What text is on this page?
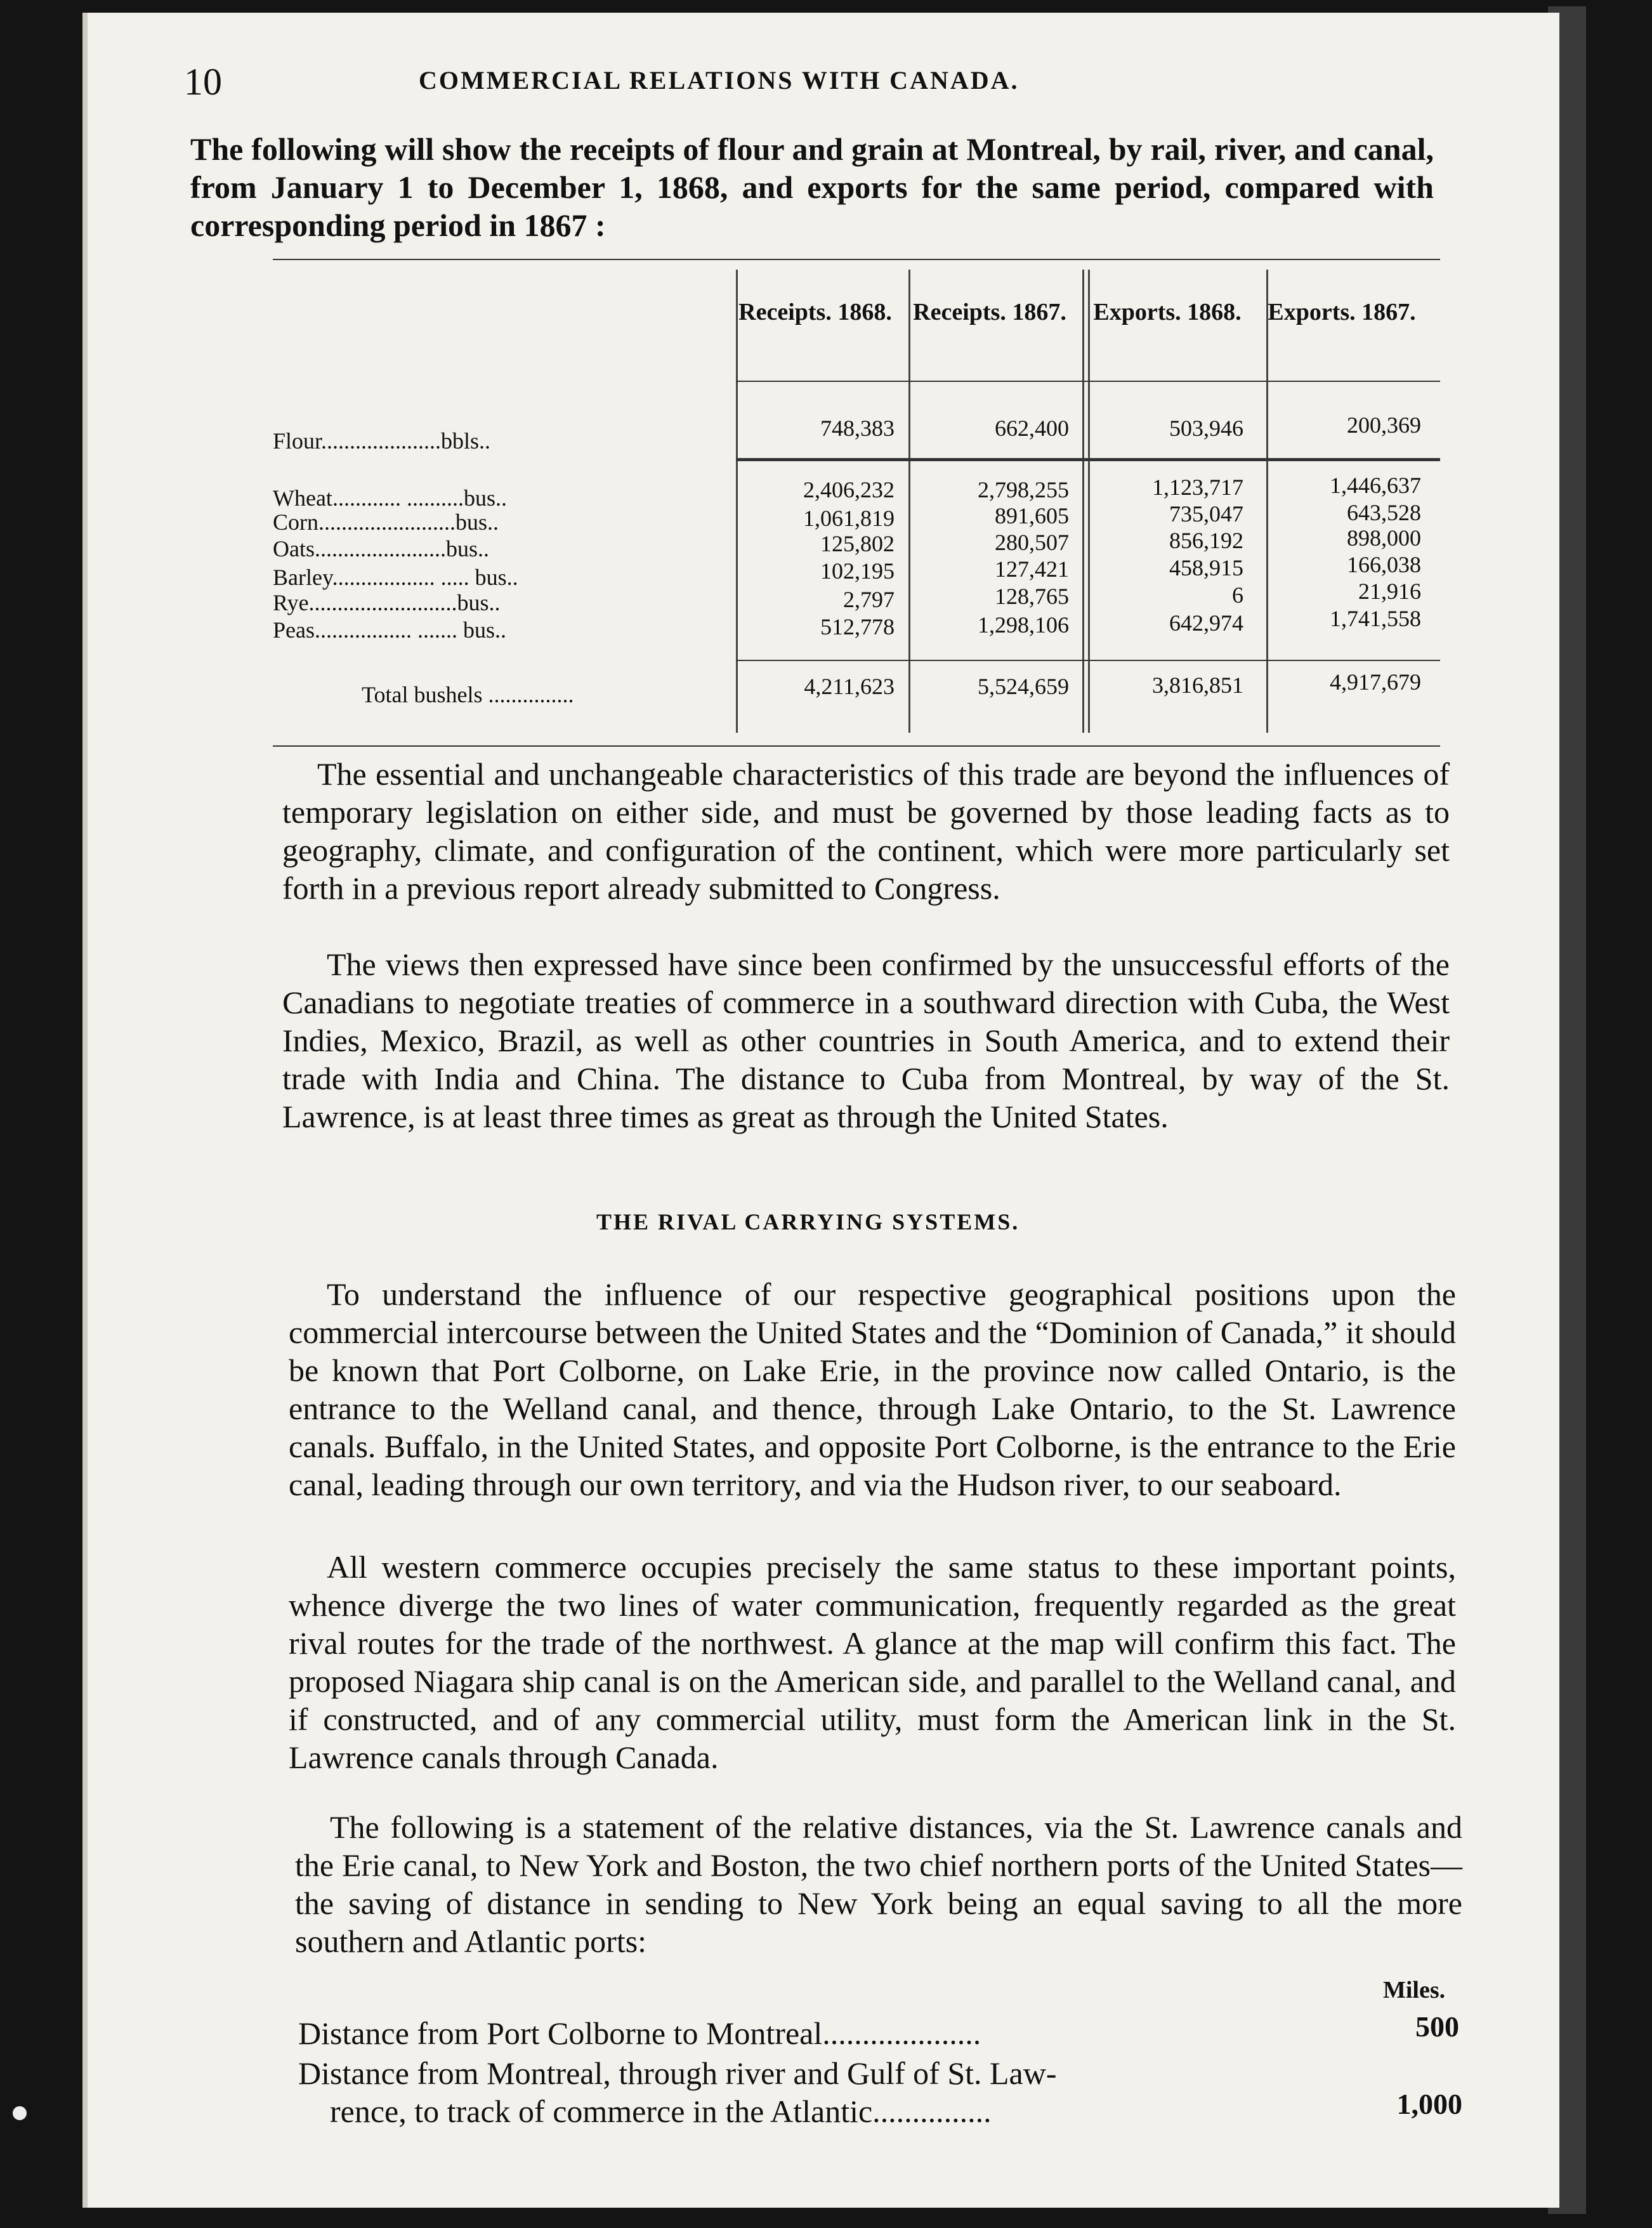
10	COMMERCIAL RELATIONS WITH CANADA.

The following will show the receipts of flour and grain at Montreal, by rail, river, and canal, from January 1 to December 1, 1868, and exports for the same period, compared with corresponding period in 1867 :

Receipts. 1868. Receipts. 1867.	Exports. 1868.	Exports. 1867.
Flour.....................bbls..	748,383	662,400	503,946	200,369
Wheat............ ..........bus..	2,406,232	2,798,255	1,123,717	1,446,637
Corn........................bus..	1,061,819	891,605	735,047	643,528
Oats.......................bus..	125,802	280,507	856,192	898,000
Barley.................. ..... bus..	102,195	127,421	458,915	166,038
Rye..........................bus..	2,797	128,765	6	21,916
Peas................. ....... bus..	512,778	1,298,106	642,974	1,741,558
Total bushels ...............	4,211,623	5,524,659	3,816,851	4,917,679

The essential and unchangeable characteristics of this trade are beyond the influences of temporary legislation on either side, and must be governed by those leading facts as to geography, climate, and configuration of the continent, which were more particularly set forth in a previous report already submitted to Congress.

The views then expressed have since been confirmed by the unsuccessful efforts of the Canadians to negotiate treaties of commerce in a southward direction with Cuba, the West Indies, Mexico, Brazil, as well as other countries in South America, and to extend their trade with India and China. The distance to Cuba from Montreal, by way of the St. Lawrence, is at least three times as great as through the United States.

THE RIVAL CARRYING SYSTEMS.

To understand the influence of our respective geographical positions upon the commercial intercourse between the United States and the “Dominion of Canada,” it should be known that Port Colborne, on Lake Erie, in the province now called Ontario, is the entrance to the Welland canal, and thence, through Lake Ontario, to the St. Lawrence canals. Buffalo, in the United States, and opposite Port Colborne, is the entrance to the Erie canal, leading through our own territory, and via the Hudson river, to our seaboard.

All western commerce occupies precisely the same status to these important points, whence diverge the two lines of water communication, frequently regarded as the great rival routes for the trade of the northwest. A glance at the map will confirm this fact. The proposed Niagara ship canal is on the American side, and parallel to the Welland canal, and if constructed, and of any commercial utility, must form the American link in the St. Lawrence canals through Canada.

The following is a statement of the relative distances, via the St. Lawrence canals and the Erie canal, to New York and Boston, the two chief northern ports of the United States—the saving of distance in sending to New York being an equal saving to all the more southern and Atlantic ports:

Miles.
Distance from Port Colborne to Montreal....................	500
Distance from Montreal, through river and Gulf of St. Law-
rence, to track of commerce in the Atlantic...............	1,000
